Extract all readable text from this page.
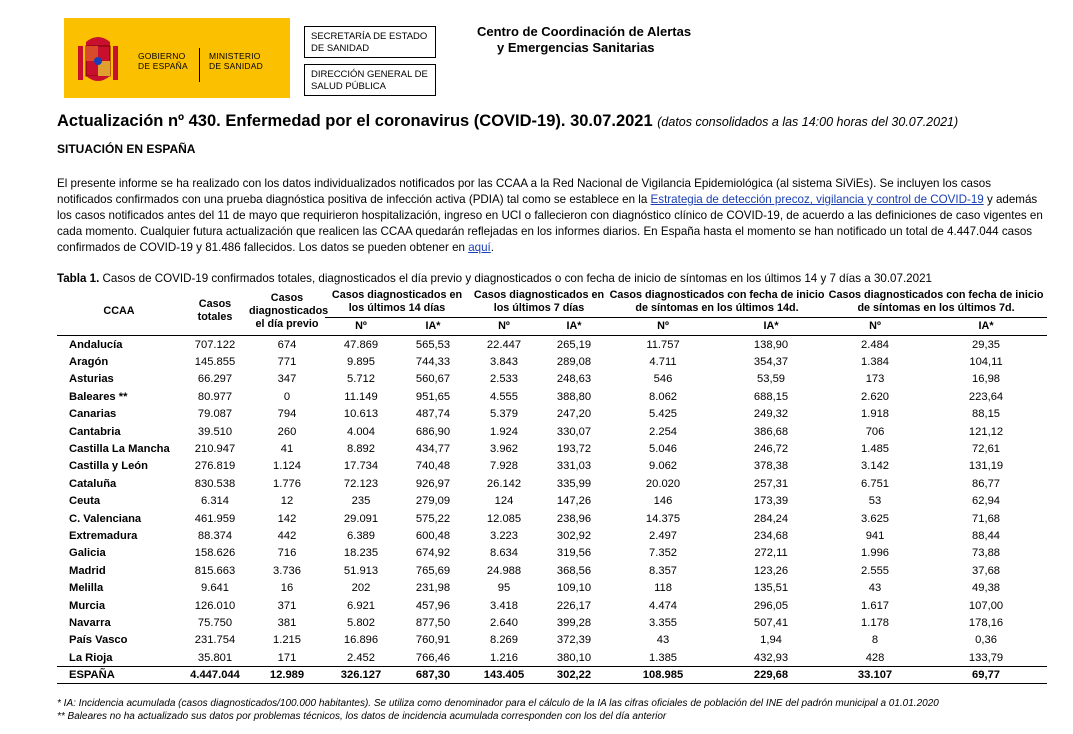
GOBIERNO
DE ESPAÑA
MINISTERIO
DE SANIDAD
SECRETARÍA DE ESTADO
DE SANIDAD
DIRECCIÓN GENERAL DE
SALUD PÚBLICA
Centro de Coordinación de Alertas
y Emergencias Sanitarias
Actualización nº 430. Enfermedad por el coronavirus (COVID-19). 30.07.2021 (datos consolidados a las 14:00 horas del 30.07.2021)
SITUACIÓN EN ESPAÑA
El presente informe se ha realizado con los datos individualizados notificados por las CCAA a la Red Nacional de Vigilancia Epidemiológica (al sistema SiViEs). Se incluyen los casos notificados confirmados con una prueba diagnóstica positiva de infección activa (PDIA) tal como se establece en la Estrategia de detección precoz, vigilancia y control de COVID-19 y además los casos notificados antes del 11 de mayo que requirieron hospitalización, ingreso en UCI o fallecieron con diagnóstico clínico de COVID-19, de acuerdo a las definiciones de caso vigentes en cada momento. Cualquier futura actualización que realicen las CCAA quedarán reflejadas en los informes diarios. En España hasta el momento se han notificado un total de 4.447.044 casos confirmados de COVID-19 y 81.486 fallecidos. Los datos se pueden obtener en aquí.
Tabla 1. Casos de COVID-19 confirmados totales, diagnosticados el día previo y diagnosticados o con fecha de inicio de síntomas en los últimos 14 y 7 días a 30.07.2021
CCAA	Casos totales	Casos diagnosticados el día previo	Casos diagnosticados en los últimos 14 días		Casos diagnosticados en los últimos 7 días		Casos diagnosticados con fecha de inicio de síntomas en los últimos 14d.		Casos diagnosticados con fecha de inicio de síntomas en los últimos 7d.	
			Nº	IA*	Nº	IA*	Nº	IA*	Nº	IA*
Andalucía	707.122	674	47.869	565,53	22.447	265,19	11.757	138,90	2.484	29,35
Aragón	145.855	771	9.895	744,33	3.843	289,08	4.711	354,37	1.384	104,11
Asturias	66.297	347	5.712	560,67	2.533	248,63	546	53,59	173	16,98
Baleares **	80.977	0	11.149	951,65	4.555	388,80	8.062	688,15	2.620	223,64
Canarias	79.087	794	10.613	487,74	5.379	247,20	5.425	249,32	1.918	88,15
Cantabria	39.510	260	4.004	686,90	1.924	330,07	2.254	386,68	706	121,12
Castilla La Mancha	210.947	41	8.892	434,77	3.962	193,72	5.046	246,72	1.485	72,61
Castilla y León	276.819	1.124	17.734	740,48	7.928	331,03	9.062	378,38	3.142	131,19
Cataluña	830.538	1.776	72.123	926,97	26.142	335,99	20.020	257,31	6.751	86,77
Ceuta	6.314	12	235	279,09	124	147,26	146	173,39	53	62,94
C. Valenciana	461.959	142	29.091	575,22	12.085	238,96	14.375	284,24	3.625	71,68
Extremadura	88.374	442	6.389	600,48	3.223	302,92	2.497	234,68	941	88,44
Galicia	158.626	716	18.235	674,92	8.634	319,56	7.352	272,11	1.996	73,88
Madrid	815.663	3.736	51.913	765,69	24.988	368,56	8.357	123,26	2.555	37,68
Melilla	9.641	16	202	231,98	95	109,10	118	135,51	43	49,38
Murcia	126.010	371	6.921	457,96	3.418	226,17	4.474	296,05	1.617	107,00
Navarra	75.750	381	5.802	877,50	2.640	399,28	3.355	507,41	1.178	178,16
País Vasco	231.754	1.215	16.896	760,91	8.269	372,39	43	1,94	8	0,36
La Rioja	35.801	171	2.452	766,46	1.216	380,10	1.385	432,93	428	133,79
ESPAÑA	4.447.044	12.989	326.127	687,30	143.405	302,22	108.985	229,68	33.107	69,77
* IA: Incidencia acumulada (casos diagnosticados/100.000 habitantes). Se utiliza como denominador para el cálculo de la IA las cifras oficiales de población del INE del padrón municipal a 01.01.2020
** Baleares no ha actualizado sus datos por problemas técnicos, los datos de incidencia acumulada corresponden con los del día anterior
